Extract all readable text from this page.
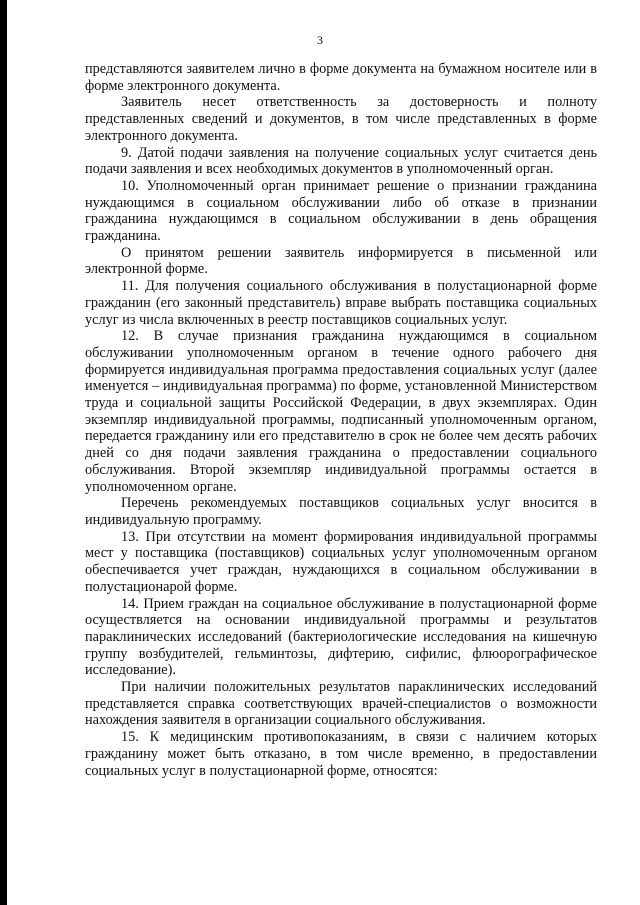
3

представляются заявителем лично в форме документа на бумажном носителе или в форме электронного документа.

Заявитель несет ответственность за достоверность и полноту представленных сведений и документов, в том числе представленных в форме электронного документа.

9. Датой подачи заявления на получение социальных услуг считается день подачи заявления и всех необходимых документов в уполномоченный орган.

10. Уполномоченный орган принимает решение о признании гражданина нуждающимся в социальном обслуживании либо об отказе в признании гражданина нуждающимся в социальном обслуживании в день обращения гражданина.

О принятом решении заявитель информируется в письменной или электронной форме.

11. Для получения социального обслуживания в полустационарной форме гражданин (его законный представитель) вправе выбрать поставщика социальных услуг из числа включенных в реестр поставщиков социальных услуг.

12. В случае признания гражданина нуждающимся в социальном обслуживании уполномоченным органом в течение одного рабочего дня формируется индивидуальная программа предоставления социальных услуг (далее именуется – индивидуальная программа) по форме, установленной Министерством труда и социальной защиты Российской Федерации, в двух экземплярах. Один экземпляр индивидуальной программы, подписанный уполномоченным органом, передается гражданину или его представителю в срок не более чем десять рабочих дней со дня подачи заявления гражданина о предоставлении социального обслуживания. Второй экземпляр индивидуальной программы остается в уполномоченном органе.

Перечень рекомендуемых поставщиков социальных услуг вносится в индивидуальную программу.

13. При отсутствии на момент формирования индивидуальной программы мест у поставщика (поставщиков) социальных услуг уполномоченным органом обеспечивается учет граждан, нуждающихся в социальном обслуживании в полустационарой форме.

14. Прием граждан на социальное обслуживание в полустационарной форме осуществляется на основании индивидуальной программы и результатов параклинических исследований (бактериологические исследования на кишечную группу возбудителей, гельминтозы, дифтерию, сифилис, флюорографическое исследование).

При наличии положительных результатов параклинических исследований представляется справка соответствующих врачей-специалистов о возможности нахождения заявителя в организации социального обслуживания.

15. К медицинским противопоказаниям, в связи с наличием которых гражданину может быть отказано, в том числе временно, в предоставлении социальных услуг в полустационарной форме, относятся:
